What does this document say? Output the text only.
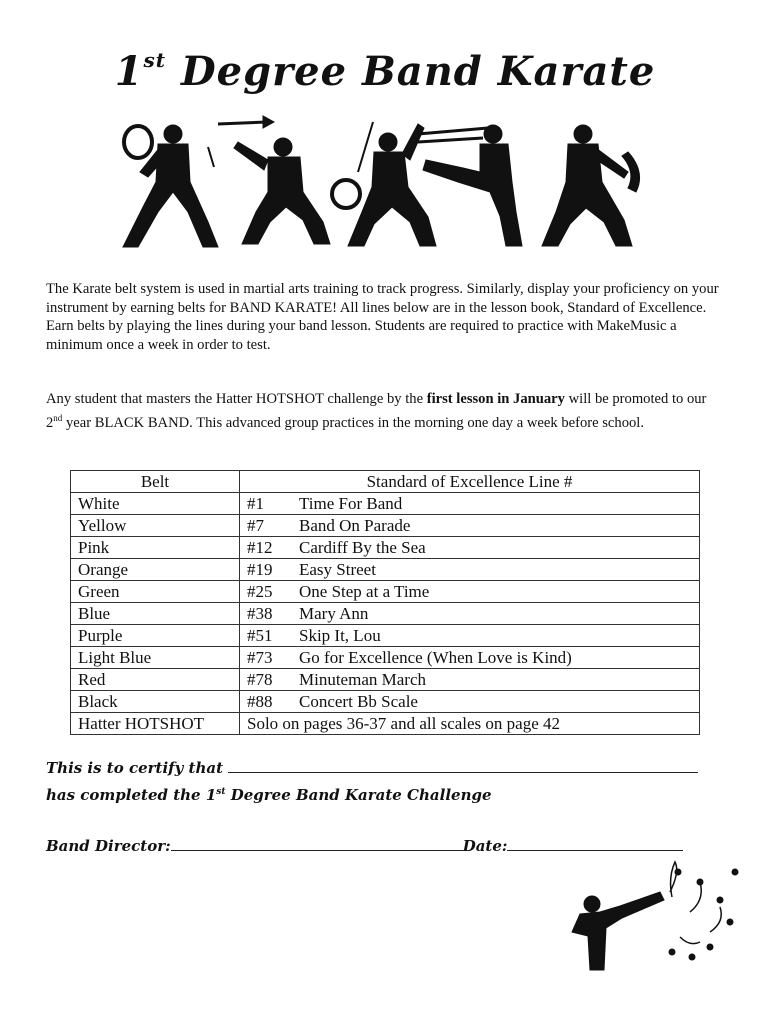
1st Degree Band Karate
The Karate belt system is used in martial arts training to track progress. Similarly, display your proficiency on your instrument by earning belts for BAND KARATE! All lines below are in the lesson book, Standard of Excellence. Earn belts by playing the lines during your band lesson. Students are required to practice with MakeMusic a minimum once a week in order to test.
Any student that masters the Hatter HOTSHOT challenge by the first lesson in January will be promoted to our 2nd year BLACK BAND. This advanced group practices in the morning one day a week before school.
Belt	Standard of Excellence Line #
White	#1 Time For Band
Yellow	#7 Band On Parade
Pink	#12 Cardiff By the Sea
Orange	#19 Easy Street
Green	#25 One Step at a Time
Blue	#38 Mary Ann
Purple	#51 Skip It, Lou
Light Blue	#73 Go for Excellence (When Love is Kind)
Red	#78 Minuteman March
Black	#88 Concert Bb Scale
Hatter HOTSHOT	Solo on pages 36-37 and all scales on page 42
This is to certify that
has completed the 1st Degree Band Karate Challenge
Band Director:	Date:
